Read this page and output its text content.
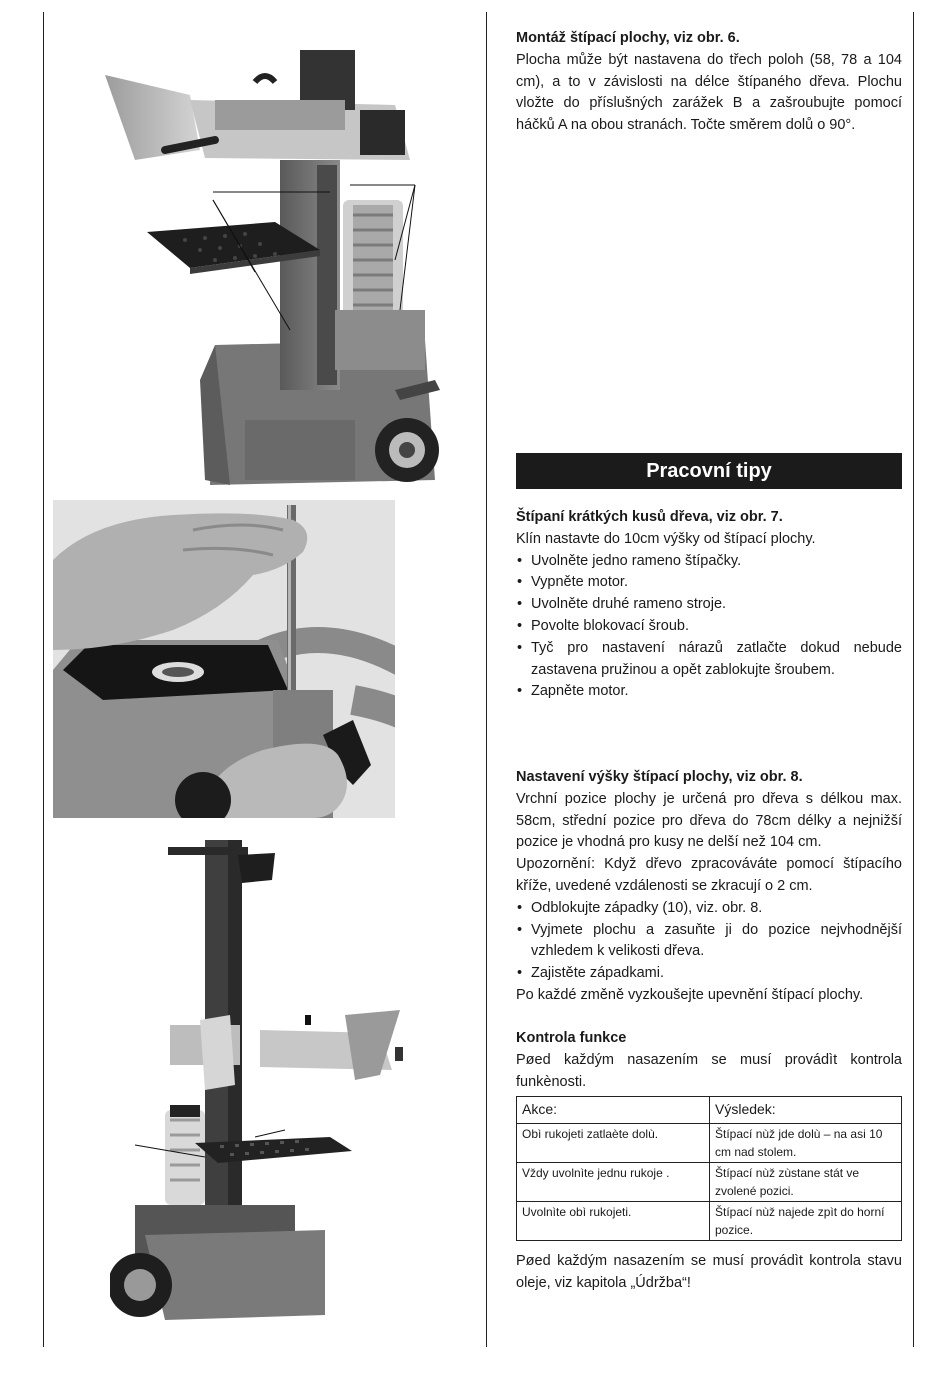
Montáž štípací plochy, viz obr. 6.

Plocha může být nastavena do třech poloh (58, 78 a 104 cm), a to v závislosti na délce štípaného dřeva. Plochu vložte do příslušných zarážek B a zašroubujte pomocí háčků A na obou stranách. Točte směrem dolů o 90°.

Pracovní tipy

Štípaní krátkých kusů dřeva, viz obr. 7.

Klín nastavte do 10cm výšky od štípací plochy.

• Uvolněte jedno rameno štípačky.
• Vypněte motor.
• Uvolněte druhé rameno stroje.
• Povolte blokovací šroub.
• Tyč pro nastavení nárazů zatlačte dokud nebude zastavena pružinou a opět zablokujte šroubem.
• Zapněte motor.

Nastavení výšky štípací plochy, viz obr. 8.

Vrchní pozice plochy je určená pro dřeva s délkou max. 58cm, střední pozice pro dřeva do 78cm délky a nejnižší pozice je vhodná pro kusy ne delší než 104 cm.

Upozornění: Když dřevo zpracováváte pomocí štípacího kříže, uvedené vzdálenosti se zkracují o 2 cm.

• Odblokujte západky (10), viz. obr. 8.
• Vyjmete plochu a zasuňte ji do pozice nejvhodnější vzhledem k velikosti dřeva.
• Zajistěte západkami.

Po každé změně vyzkoušejte upevnění štípací plochy.

Kontrola funkce

Pøed každým nasazením se musí provádìt kontrola funkènosti.

Akce:	Výsledek:
Obì rukojeti zatlaète dolù.	Štípací nùž jde dolù – na asi 10 cm nad stolem.
Vždy uvolnìte jednu rukoje .	Štípací nùž zùstane stát ve zvolené pozici.
Uvolnìte obì rukojeti.	Štípací nùž najede zpìt do horní pozice.

Pøed každým nasazením se musí provádìt kontrola stavu oleje, viz kapitola „Údržba“!
